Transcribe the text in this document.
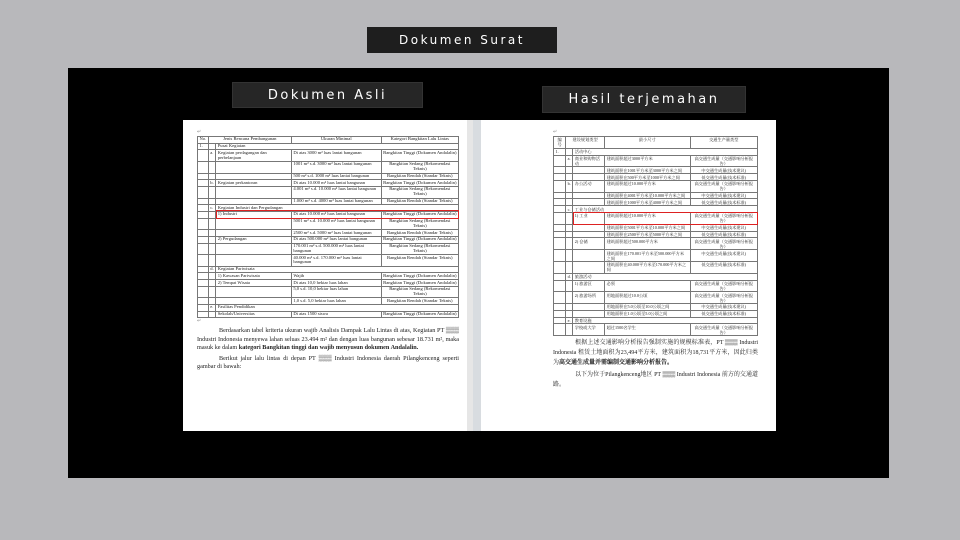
Dokumen Surat
Dokumen Asli	Hasil terjemahan
↵
No.	Jenis Rencana Pembangunan		Ukuran Minimal	Kategori Bangkitan Lalu Lintas
1.		Pusat Kegiatan		
	a.	Kegiatan perdagangan dan perbelanjaan	Di atas 3000 m² luas lantai bangunan	Bangkitan Tinggi (Dokumen Andalalin)
			1001 m² s.d. 3000 m² luas lantai bangunan	Bangkitan Sedang (Rekomendasi Teknis)
			500 m² s.d. 1000 m² luas lantai bangunan	Bangkitan Rendah (Standar Teknis)
	b.	Kegiatan perkantoran	Di atas 10.000 m² luas lantai bangunan	Bangkitan Tinggi (Dokumen Andalalin)
			4.001 m² s.d. 10.000 m² luas lantai bangunan	Bangkitan Sedang (Rekomendasi Teknis)
			1.000 m² s.d. 4000 m² luas lantai bangunan	Bangkitan Rendah (Standar Teknis)
	c.	Kegiatan Industri dan Pergudangan		
		1) Industri	Di atas 10.000 m² luas lantai bangunan	Bangkitan Tinggi (Dokumen Andalalin)
			5001 m² s.d. 10.000 m² luas lantai bangunan	Bangkitan Sedang (Rekomendasi Teknis)
			2500 m² s.d. 5000 m² luas lantai bangunan	Bangkitan Rendah (Standar Teknis)
		2) Pergudangan	Di atas 500.000 m² luas lantai bangunan	Bangkitan Tinggi (Dokumen Andalalin)
			170.001 m² s.d. 500.000 m² luas lantai bangunan	Bangkitan Sedang (Rekomendasi Teknis)
			40.000 m² s.d. 170.000 m² luas lantai bangunan	Bangkitan Rendah (Standar Teknis)
	d.	Kegiatan Pariwisata		
		1) Kawasan Pariwisata	Wajib	Bangkitan Tinggi (Dokumen Andalalin)
		2) Tempat Wisata	Di atas 10,0 hektar luas lahan	Bangkitan Tinggi (Dokumen Andalalin)
			5,0 s.d. 10,0 hektar luas lahan	Bangkitan Sedang (Rekomendasi Teknis)
			1,0 s.d. 5,0 hektar luas lahan	Bangkitan Rendah (Standar Teknis)
	e.	Fasilitas Pendidikan		
		Sekolah/Universitas	Di atas 1500 siswa	Bangkitan Tinggi (Dokumen Andalalin)
↵

Berdasarkan tabel kriteria ukuran wajib Analisis Dampak Lalu Lintas di atas, Kegiatan PT ▒▒▒ Industri Indonesia menyewa lahan seluas 23.494 m² dan dengan luas bangunan sebesar 18.731 m², maka masuk ke dalam kategori Bangkitan tinggi dan wajib menyusun dokumen Andalalin.

Berikut jalur lalu lintas di depan PT ▒▒▒ Industri Indonesia daerah Pilangkenceng seperti gambar di bawah:

↵
编号	建设规划类型		最小尺寸	交通生产量类型
1.		活动中心		
	a.	商业和购物活动	建筑面积超过3000平方米	高交通生成量（交通影响分析报告）
			建筑面积在1001平方米至3000平方米之间	中交通生成量(技术建议)
			建筑面积在500平方米至1000平方米之间	低交通生成量(技术标准)
	b.	办公活动	建筑面积超过10.000平方米	高交通生成量（交通影响分析报告）
			建筑面积在4001平方米至10.000平方米之间	中交通生成量(技术建议)
			建筑面积在1000平方米至4000平方米之间	低交通生成量(技术标准)
	c.	工业与仓储活动		
		1) 工业	建筑面积超过10.000平方米	高交通生成量（交通影响分析报告）
			建筑面积在5001平方米至10.000平方米之间	中交通生成量(技术建议)
			建筑面积在2500平方米至5000平方米之间	低交通生成量(技术标准)
		2) 仓储	建筑面积超过500.000平方米	高交通生成量（交通影响分析报告）
			建筑面积在170.001平方米至500.000平方米之间	中交通生成量(技术建议)
			建筑面积在40.000平方米至170.000平方米之间	低交通生成量(技术标准)
	d.	旅游活动		
		1) 旅游区	必须	高交通生成量（交通影响分析报告）
		2) 旅游场所	用地面积超过10.0公顷	高交通生成量（交通影响分析报告）
			用地面积在5.0公顷至10.0公顷之间	中交通生成量(技术建议)
			用地面积在1.0公顷至5.0公顷之间	低交通生成量(技术标准)
	e.	教育设施		
		学校或大学	超过1500名学生	高交通生成量（交通影响分析报告）

根据上述交通影响分析报告强制实施的规模标准表，PT ▒▒▒ Industri Indonesia 租赁土地面积为23,494平方米，建筑面积为18,731平方米，因此归类为高交通生成量并需编制交通影响分析报告。

以下为位于Pilangkenceng地区 PT ▒▒▒ Industri Indonesia 前方的交通道路。
